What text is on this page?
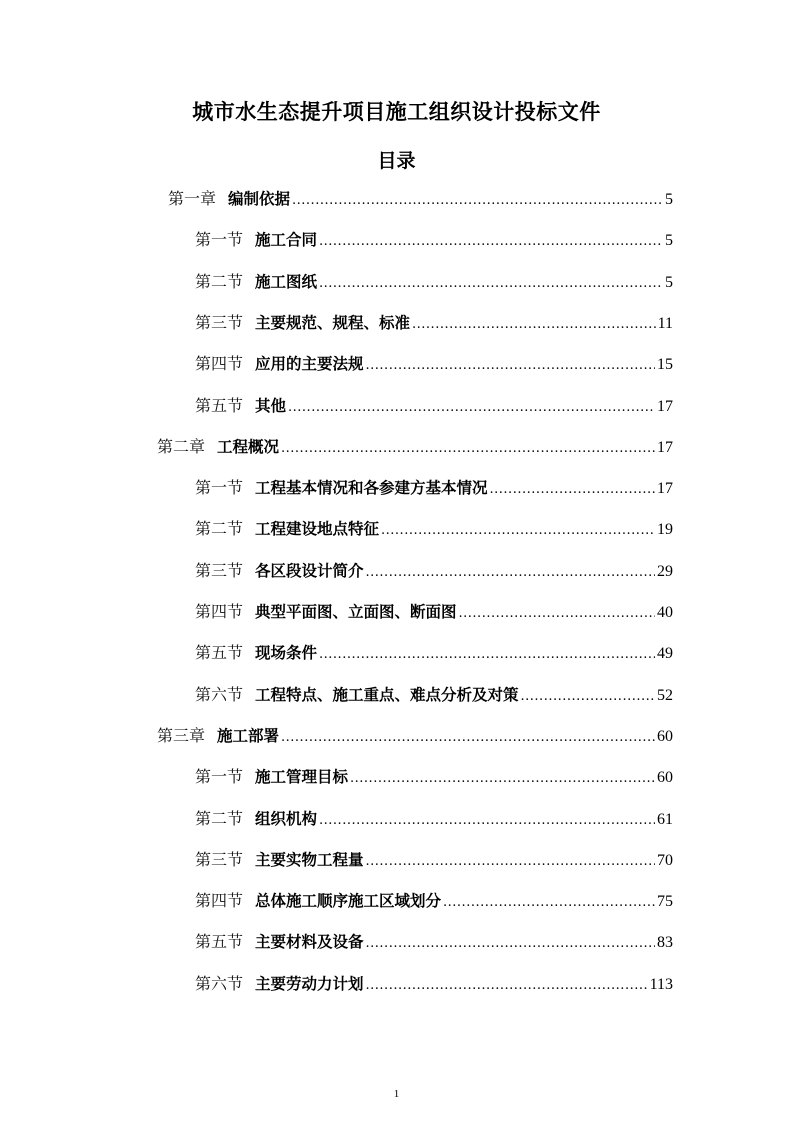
城市水生态提升项目施工组织设计投标文件
目录
第一章 编制依据 .....	5
第一节 施工合同 .....	5
第二节 施工图纸 .....	5
第三节 主要规范、规程、标准 .....	11
第四节 应用的主要法规 .....	15
第五节 其他 .....	17
第二章 工程概况 .....	17
第一节 工程基本情况和各参建方基本情况 .....	17
第二节 工程建设地点特征 .....	19
第三节 各区段设计简介 .....	29
第四节 典型平面图、立面图、断面图 .....	40
第五节 现场条件 .....	49
第六节 工程特点、施工重点、难点分析及对策 .....	52
第三章 施工部署 .....	60
第一节 施工管理目标 .....	60
第二节 组织机构 .....	61
第三节 主要实物工程量 .....	70
第四节 总体施工顺序施工区域划分 .....	75
第五节 主要材料及设备 .....	83
第六节 主要劳动力计划 .....	113
1
